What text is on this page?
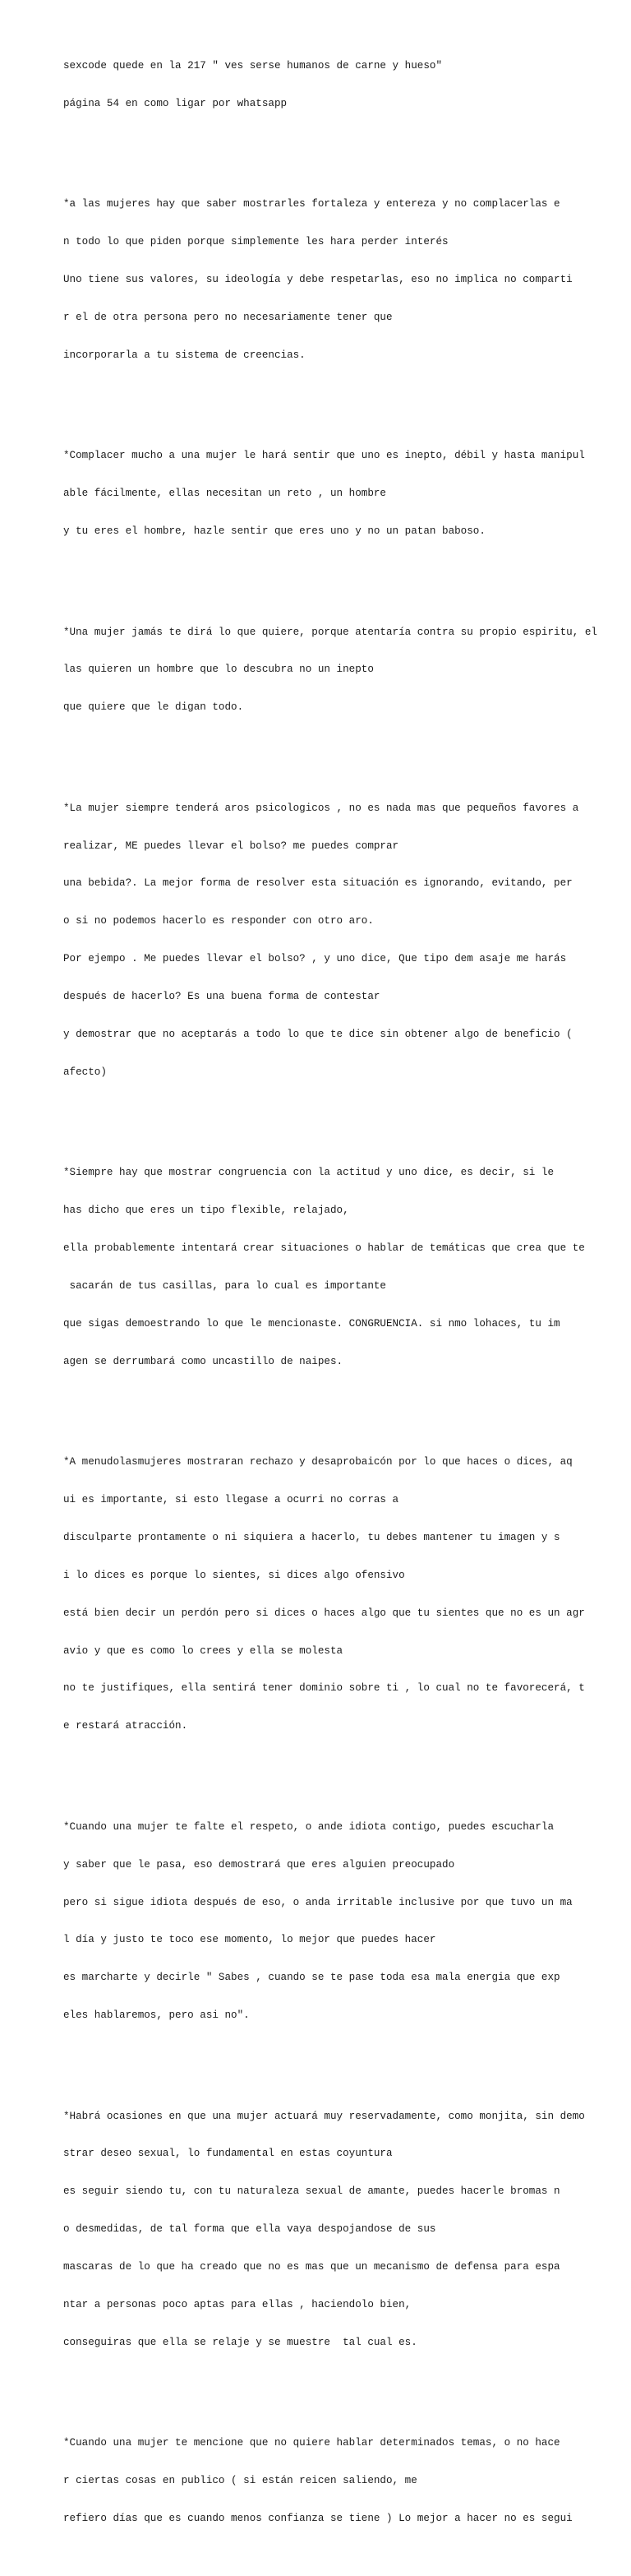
sexcode quede en la 217 " ves serse humanos de carne y hueso"

página 54 en como ligar por whatsapp

*a las mujeres hay que saber mostrarles fortaleza y entereza y no complacerlas e

n todo lo que piden porque simplemente les hara perder interés

Uno tiene sus valores, su ideología y debe respetarlas, eso no implica no comparti

r el de otra persona pero no necesariamente tener que

incorporarla a tu sistema de creencias.

*Complacer mucho a una mujer le hará sentir que uno es inepto, débil y hasta manipul

able fácilmente, ellas necesitan un reto , un hombre

y tu eres el hombre, hazle sentir que eres uno y no un patan baboso.

*Una mujer jamás te dirá lo que quiere, porque atentaría contra su propio espiritu, el

las quieren un hombre que lo descubra no un inepto

que quiere que le digan todo.

*La mujer siempre tenderá aros psicologicos , no es nada mas que pequeños favores a

realizar, ME puedes llevar el bolso? me puedes comprar

una bebida?. La mejor forma de resolver esta situación es ignorando, evitando, per

o si no podemos hacerlo es responder con otro aro.

Por ejempo . Me puedes llevar el bolso? , y uno dice, Que tipo dem asaje me harás

después de hacerlo? Es una buena forma de contestar

y demostrar que no aceptarás a todo lo que te dice sin obtener algo de beneficio (

afecto)

*Siempre hay que mostrar congruencia con la actitud y uno dice, es decir, si le

has dicho que eres un tipo flexible, relajado,

ella probablemente intentará crear situaciones o hablar de temáticas que crea que te

sacarán de tus casillas, para lo cual es importante

que sigas demoestrando lo que le mencionaste. CONGRUENCIA. si nmo lohaces, tu im

agen se derrumbará como uncastillo de naipes.

*A menudolasmujeres mostraran rechazo y desaprobaicón por lo que haces o dices, aq

ui es importante, si esto llegase a ocurri no corras a

disculparte prontamente o ni siquiera a hacerlo, tu debes mantener tu imagen y s

i lo dices es porque lo sientes, si dices algo ofensivo

está bien decir un perdón pero si dices o haces algo que tu sientes que no es un agr

avio y que es como lo crees y ella se molesta

no te justifiques, ella sentirá tener dominio sobre ti , lo cual no te favorecerá, t

e restará atracción.

*Cuando una mujer te falte el respeto, o ande idiota contigo, puedes escucharla

y saber que le pasa, eso demostrará que eres alguien preocupado

pero si sigue idiota después de eso, o anda irritable inclusive por que tuvo un ma

l día y justo te toco ese momento, lo mejor que puedes hacer

es marcharte y decirle " Sabes , cuando se te pase toda esa mala energia que exp

eles hablaremos, pero asi no".

*Habrá ocasiones en que una mujer actuará muy reservadamente, como monjita, sin demo

strar deseo sexual, lo fundamental en estas coyuntura

es seguir siendo tu, con tu naturaleza sexual de amante, puedes hacerle bromas n

o desmedidas, de tal forma que ella vaya despojandose de sus

mascaras de lo que ha creado que no es mas que un mecanismo de defensa para espa

ntar a personas poco aptas para ellas , haciendolo bien,

conseguiras que ella se relaje y se muestre  tal cual es.

*Cuando una mujer te mencione que no quiere hablar determinados temas, o no hace

r ciertas cosas en publico ( si están reicen saliendo, me

refiero días que es cuando menos confianza se tiene ) Lo mejor a hacer no es segui
